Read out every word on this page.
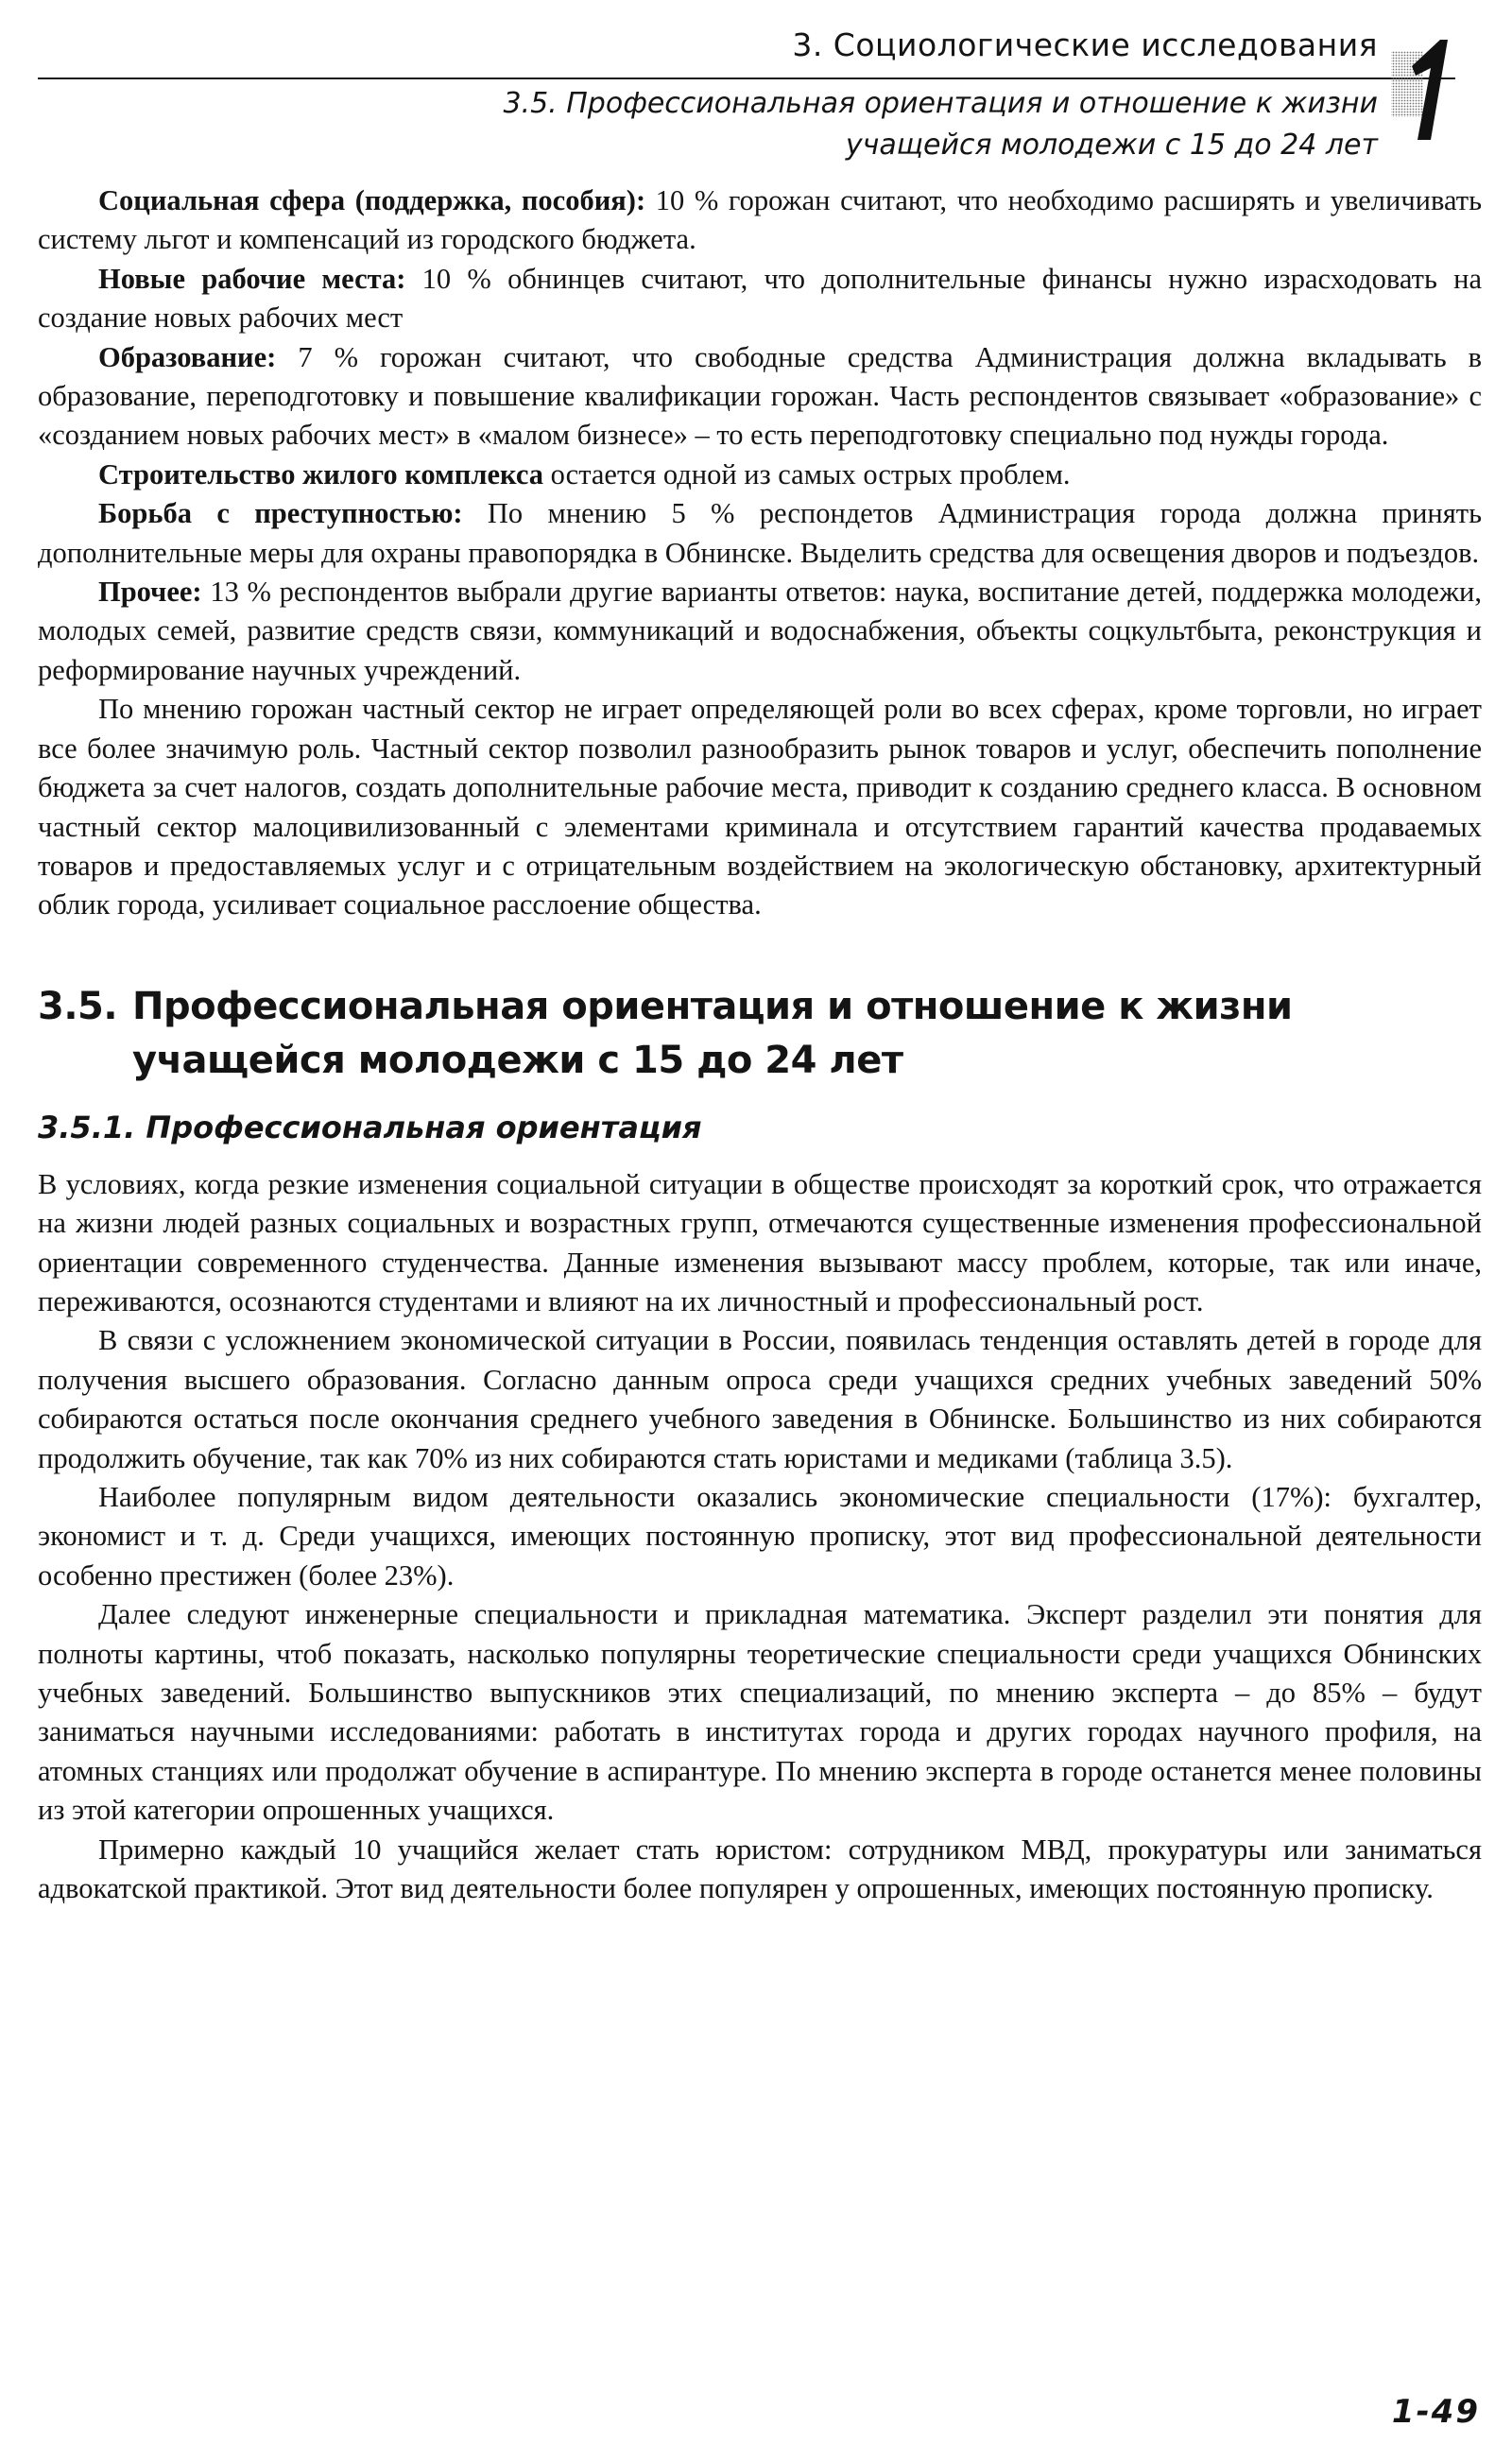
3. Социологические исследования
3.5. Профессиональная ориентация и отношение к жизни
учащейся молодежи с 15 до 24 лет

Социальная сфера (поддержка, пособия): 10 % горожан считают, что необходимо расширять и увеличивать систему льгот и компенсаций из городского бюджета.

Новые рабочие места: 10 % обнинцев считают, что дополнительные финансы нужно израсходовать на создание новых рабочих мест

Образование: 7 % горожан считают, что свободные средства Администрация должна вкладывать в образование, переподготовку и повышение квалификации горожан. Часть респондентов связывает «образование» с «созданием новых рабочих мест» в «малом бизнесе» – то есть переподготовку специально под нужды города.

Строительство жилого комплекса остается одной из самых острых проблем.

Борьба с преступностью: По мнению 5 % респондетов Администрация города должна принять дополнительные меры для охраны правопорядка в Обнинске. Выделить средства для освещения дворов и подъездов.

Прочее: 13 % респондентов выбрали другие варианты ответов: наука, воспитание детей, поддержка молодежи, молодых семей, развитие средств связи, коммуникаций и водоснабжения, объекты соцкультбыта, реконструкция и реформирование научных учреждений.

По мнению горожан частный сектор не играет определяющей роли во всех сферах, кроме торговли, но играет все более значимую роль. Частный сектор позволил разнообразить рынок товаров и услуг, обеспечить пополнение бюджета за счет налогов, создать дополнительные рабочие места, приводит к созданию среднего класса. В основном частный сектор малоцивилизованный с элементами криминала и отсутствием гарантий качества продаваемых товаров и предоставляемых услуг и с отрицательным воздействием на экологическую обстановку, архитектурный облик города, усиливает социальное расслоение общества.

3.5. Профессиональная ориентация и отношение к жизни
учащейся молодежи с 15 до 24 лет
3.5.1. Профессиональная ориентация

В условиях, когда резкие изменения социальной ситуации в обществе происходят за короткий срок, что отражается на жизни людей разных социальных и возрастных групп, отмечаются существенные изменения профессиональной ориентации современного студенчества. Данные изменения вызывают массу проблем, которые, так или иначе, переживаются, осознаются студентами и влияют на их личностный и профессиональный рост.

В связи с усложнением экономической ситуации в России, появилась тенденция оставлять детей в городе для получения высшего образования. Согласно данным опроса среди учащихся средних учебных заведений 50% собираются остаться после окончания среднего учебного заведения в Обнинске. Большинство из них собираются продолжить обучение, так как 70% из них собираются стать юристами и медиками (таблица 3.5).

Наиболее популярным видом деятельности оказались экономические специальности (17%): бухгалтер, экономист и т. д. Среди учащихся, имеющих постоянную прописку, этот вид профессиональной деятельности особенно престижен (более 23%).

Далее следуют инженерные специальности и прикладная математика. Эксперт разделил эти понятия для полноты картины, чтоб показать, насколько популярны теоретические специальности среди учащихся Обнинских учебных заведений. Большинство выпускников этих специализаций, по мнению эксперта – до 85% – будут заниматься научными исследованиями: работать в институтах города и других городах научного профиля, на атомных станциях или продолжат обучение в аспирантуре. По мнению эксперта в городе останется менее половины из этой категории опрошенных учащихся.

Примерно каждый 10 учащийся желает стать юристом: сотрудником МВД, прокуратуры или заниматься адвокатской практикой. Этот вид деятельности более популярен у опрошенных, имеющих постоянную прописку.

1-49
